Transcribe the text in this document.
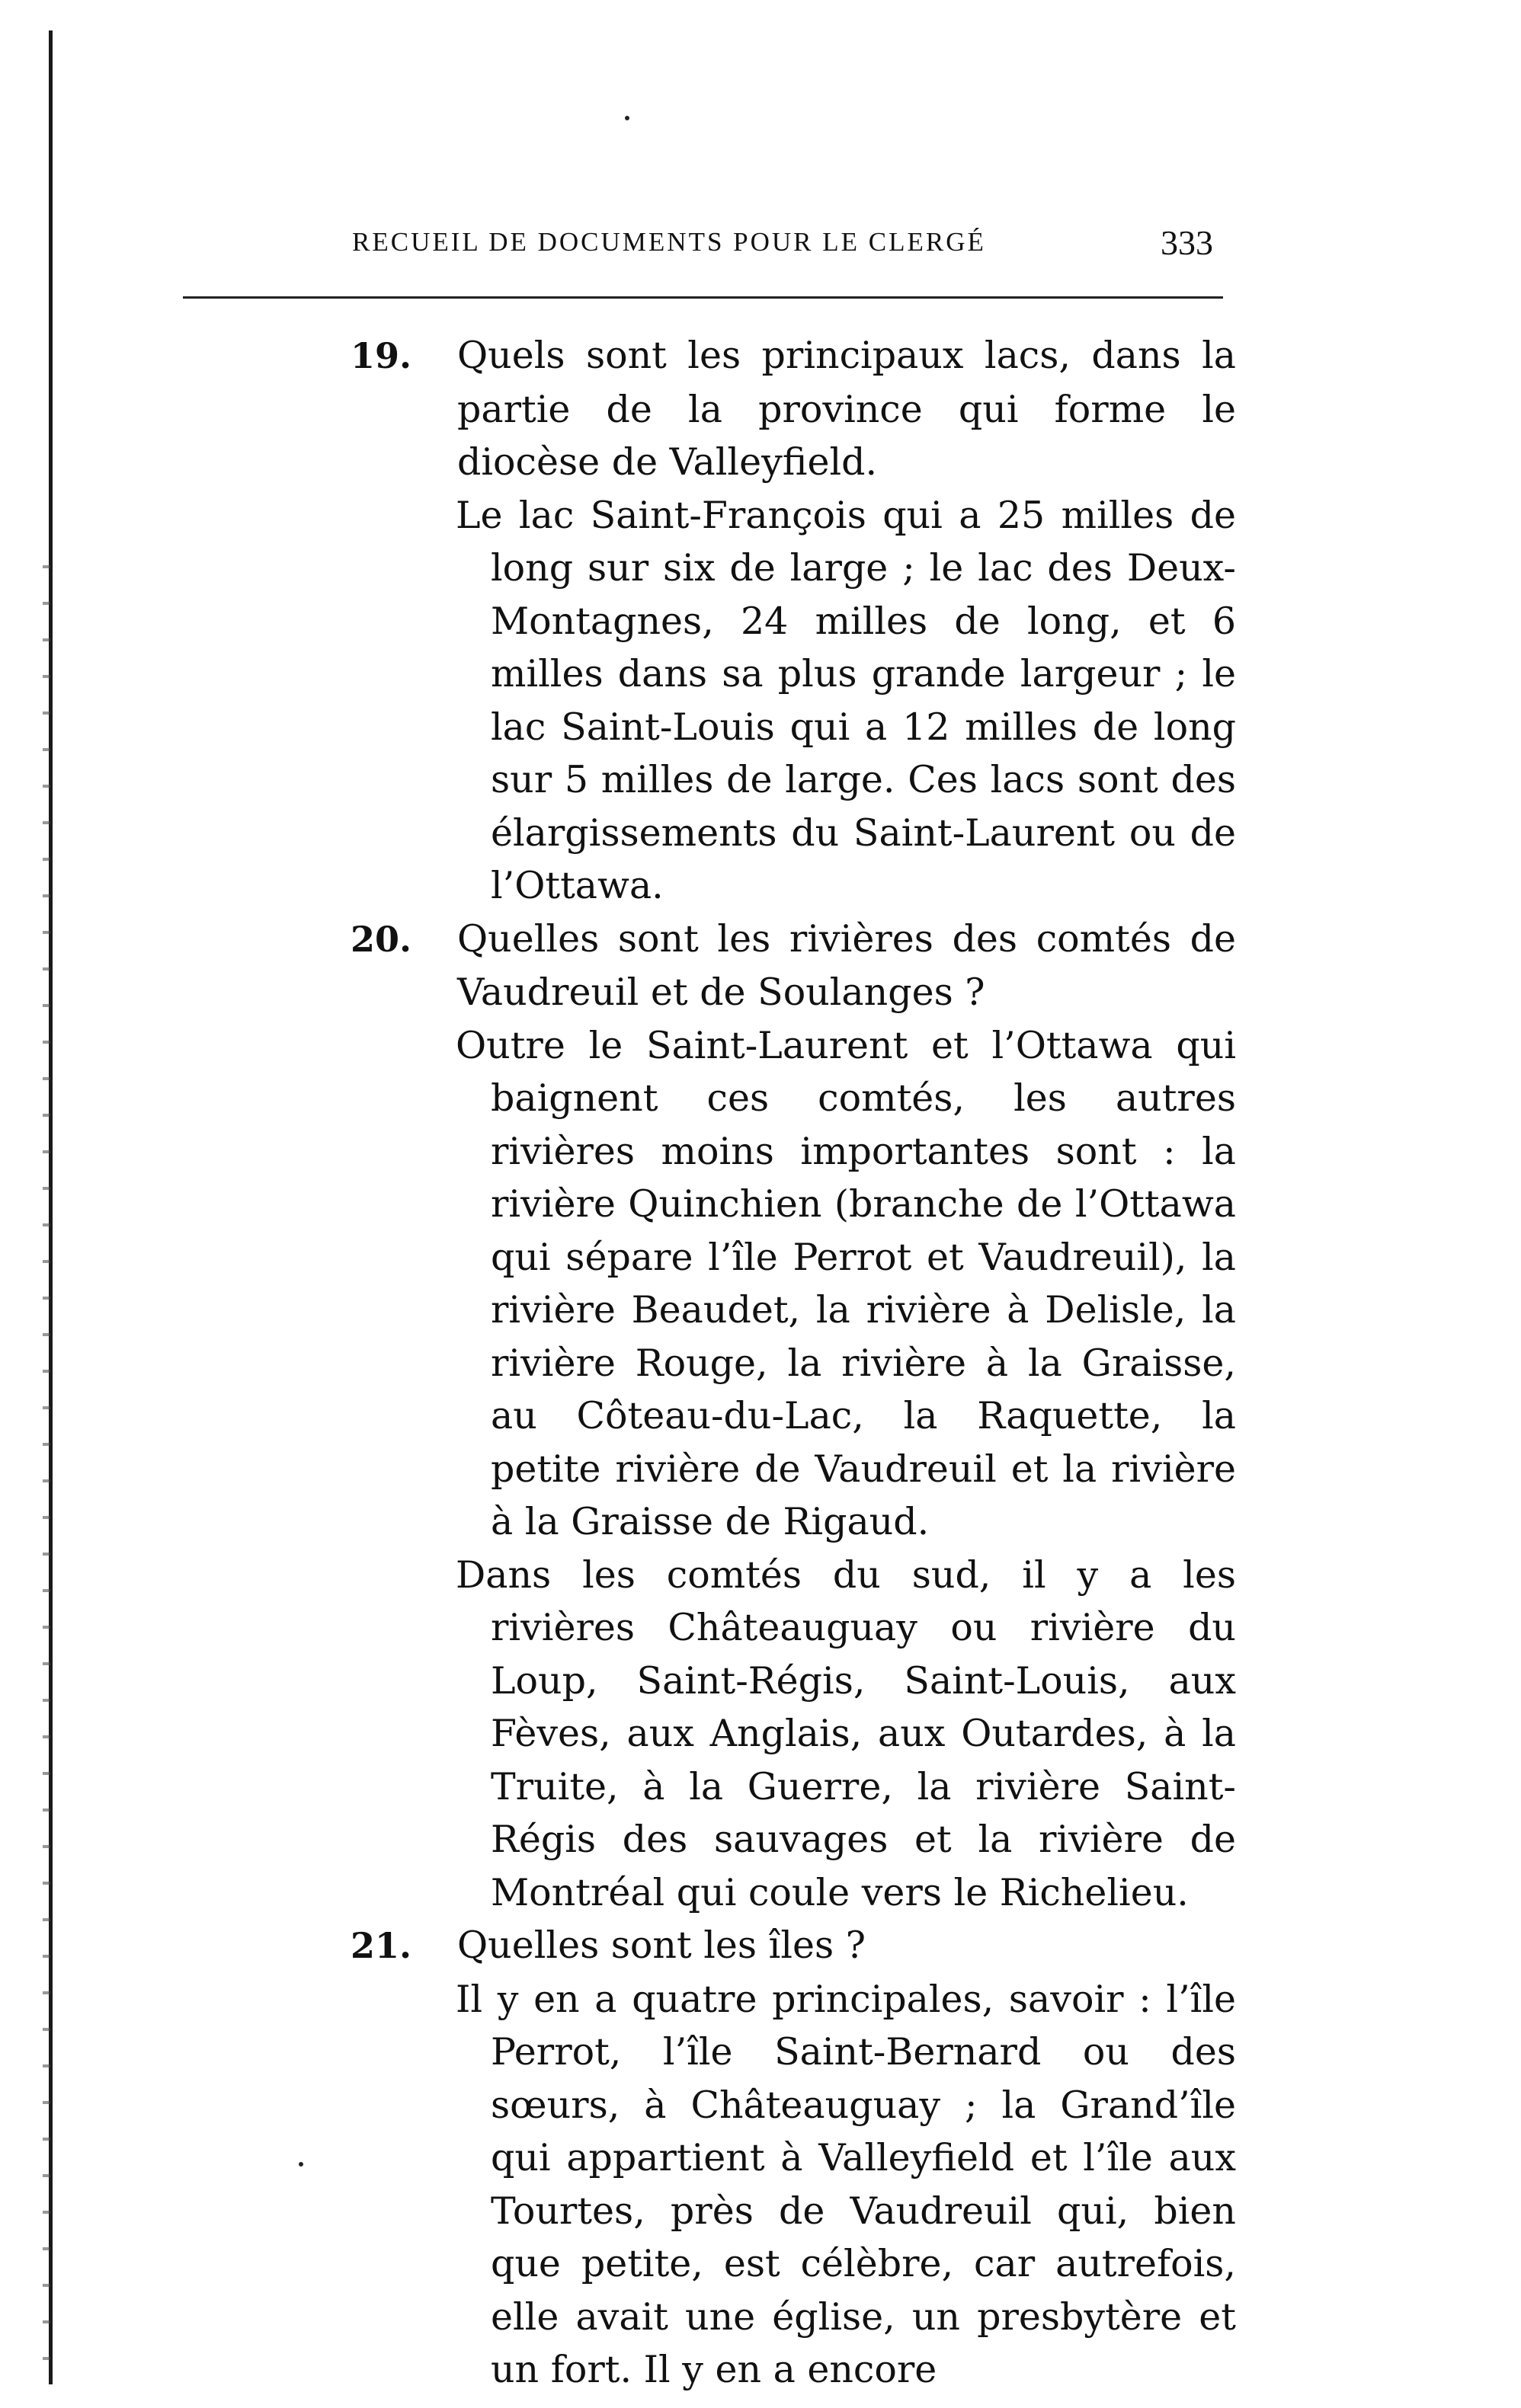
RECUEIL DE DOCUMENTS POUR LE CLERGÉ	333

19. Quels sont les principaux lacs, dans la partie de la province qui forme le diocèse de Valleyfield.

Le lac Saint-François qui a 25 milles de long sur six de large ; le lac des Deux-Montagnes, 24 milles de long, et 6 milles dans sa plus grande largeur ; le lac Saint-Louis qui a 12 milles de long sur 5 milles de large. Ces lacs sont des élargissements du Saint-Laurent ou de l’Ottawa.

20. Quelles sont les rivières des comtés de Vaudreuil et de Soulanges ?

Outre le Saint-Laurent et l’Ottawa qui baignent ces comtés, les autres rivières moins importantes sont : la rivière Quinchien (branche de l’Ottawa qui sépare l’île Perrot et Vaudreuil), la rivière Beaudet, la rivière à Delisle, la rivière Rouge, la rivière à la Graisse, au Côteau-du-Lac, la Raquette, la petite rivière de Vaudreuil et la rivière à la Graisse de Rigaud.

Dans les comtés du sud, il y a les rivières Châteauguay ou rivière du Loup, Saint-Régis, Saint-Louis, aux Fèves, aux Anglais, aux Outardes, à la Truite, à la Guerre, la rivière Saint-Régis des sauvages et la rivière de Montréal qui coule vers le Richelieu.

21. Quelles sont les îles ?

Il y en a quatre principales, savoir : l’île Perrot, l’île Saint-Bernard ou des sœurs, à Châteauguay ; la Grand’île qui appartient à Valleyfield et l’île aux Tourtes, près de Vaudreuil qui, bien que petite, est célèbre, car autrefois, elle avait une église, un presbytère et un fort. Il y en a encore
